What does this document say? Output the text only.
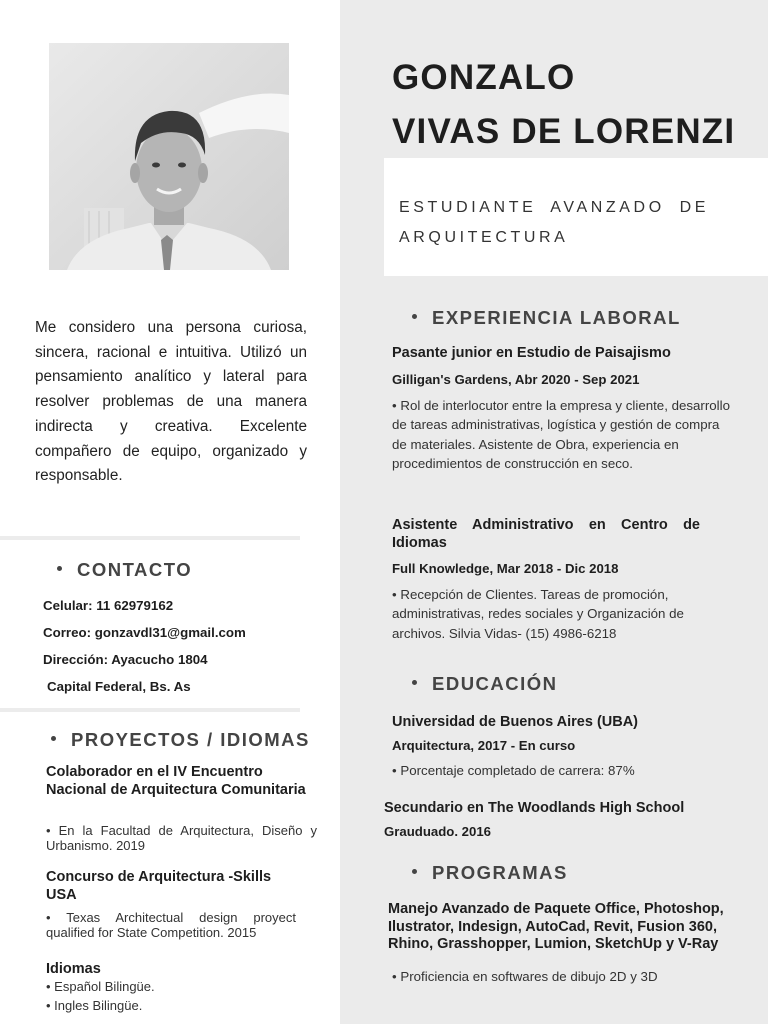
Me considero una persona curiosa, sincera, racional e intuitiva. Utilizó un pensamiento analítico y lateral para resolver problemas de una manera indirecta y creativa. Excelente compañero de equipo, organizado y responsable.
CONTACTO
Celular: 11 62979162
Correo: gonzavdl31@gmail.com
Dirección: Ayacucho 1804
Capital Federal, Bs. As
PROYECTOS / IDIOMAS
Colaborador en el IV Encuentro Nacional de Arquitectura Comunitaria
• En la Facultad de Arquitectura, Diseño y Urbanismo. 2019
Concurso de Arquitectura -Skills USA
• Texas Architectual design proyect qualified for State Competition. 2015
Idiomas
• Español Bilingüe.
• Ingles Bilingüe.
GONZALO
VIVAS DE LORENZI
ESTUDIANTE AVANZADO DE ARQUITECTURA
EXPERIENCIA LABORAL
Pasante junior en Estudio de Paisajismo
Gilligan's Gardens, Abr 2020 - Sep 2021
• Rol de interlocutor entre la empresa y cliente, desarrollo de tareas administrativas, logística y gestión de compra de materiales. Asistente de Obra, experiencia en procedimientos de construcción en seco.
Asistente Administrativo en Centro de Idiomas
Full Knowledge, Mar 2018 - Dic 2018
• Recepción de Clientes. Tareas de promoción, administrativas, redes sociales y Organización de archivos. Silvia Vidas- (15) 4986-6218
EDUCACIÓN
Universidad de Buenos Aires (UBA)
Arquitectura, 2017 - En curso
• Porcentaje completado de carrera: 87%
Secundario en The Woodlands High School
Grauduado. 2016
PROGRAMAS
Manejo Avanzado de Paquete Office, Photoshop, Ilustrator, Indesign, AutoCad, Revit, Fusion 360, Rhino, Grasshopper, Lumion, SketchUp y V-Ray
• Proficiencia en softwares de dibujo 2D y 3D
